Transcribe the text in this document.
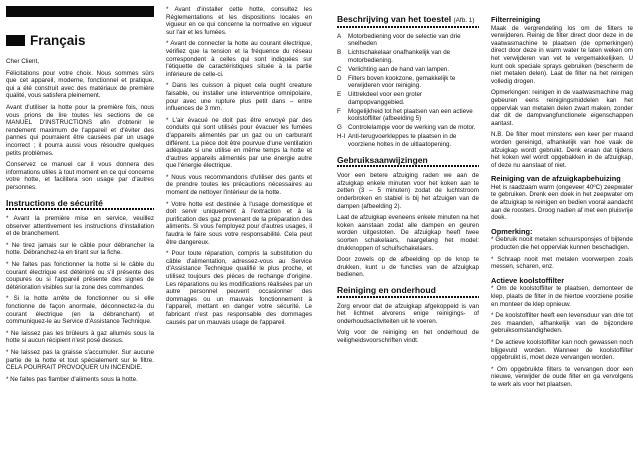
Français

Cher Client,

Félicitations pour votre choix. Nous sommes sûrs que cet appareil, moderne, fonctionnel et pratique, qui a été construit avec des matériaux de première qualité, vous satisfera pleinement.

Avant d'utiliser la hotte pour la première fois, nous vous prions de lire toutes les sections de ce MANUEL D'INSTRUCTIONS afin d'obtenir le rendement maximum de l'appareil et d'éviter des pannes qui pourraient être causées par un usage incorrect ; il pourra aussi vous résoudre quelques petits problèmes.

Conservez ce manuel car il vous donnera des informations utiles à tout moment en ce qui concerne votre hotte, et facilitera son usage par d'autres personnes.

Instructions de sécurité

* Avant la première mise en service, veuillez observer attentivement les instructions d'installation et de branchement.

* Ne tirez jamais sur le câble pour débrancher la hotte. Débranchez-la en tirant sur la fiche.

* Ne faites pas fonctionner la hotte si le câble du courant électrique est détérioré ou s'il présente des coupures ou si l'appareil présente des signes de détérioration visibles sur la zone des commandes.

* Si la hotte arrête de fonctionner ou si elle fonctionne de façon anormale, déconnectez-la du courant électrique (en la débranchant) et communiquez-le au Service d'Assistance Technique.

* Ne laissez pas les brûleurs à gaz allumés sous la hotte si aucun récipient n'est posé dessus.

* Ne laissez pas la graisse s'accumuler. Sur aucune partie de la hotte et tout spécialement sur le filtre. CELA POURRAIT PROVOQUER UN INCENDIE.

* Ne faites pas flamber d'aliments sous la hotte.

* Avant d'installer cette hotte, consultez les Réglementations et les dispositions locales en vigueur en ce qui concerne la normative en vigueur sur l'air et les fumées.

* Avant de connecter la hotte au courant électrique, vérifiez que la tension et la fréquence du réseau correspondent à celles qui sont indiquées sur l'étiquette de caractéristiques située à la partie inférieure de celle-ci.

* Dans les cuisson à piquet cela ought creature faisable, ou installer une interventrice omnipolaire, pour avec une rupture plus petit dans – entre influences de 3 mm.

* L'air évacué ne doit pas être envoyé par des conduits qui sont utilisés pour évacuer les fumées d'appareils alimentés par un gaz ou un carburant différent. La pièce doit être pourvue d'une ventilation adéquate si une utilise en même temps la hotte et d'autres appareils alimentés par une énergie autre que l'énergie électrique.

* Nous vous recommandons d'utiliser des gants et de prendre toutes les précautions nécessaires au moment de nettoyer l'intérieur de la hotte.

* Votre hotte est destinée à l'usage domestique et doit servir uniquement à l'extraction et à la purification des gaz provenant de la préparation des aliments. Si vous l'employez pour d'autres usages, il faudra le faire sous votre responsabilité. Cela peut être dangereux.

* Pour toute réparation, compris la substitution du câble d'alimentation, adressez-vous au Service d'Assistance Technique qualifié le plus proche, et utilisez toujours des pièces de rechange d'origine. Les réparations ou les modifications réalisées par un autre personnel peuvent occasionner des dommages ou un mauvais fonctionnement à l'appareil, mettant en danger votre sécurité. Le fabricant n'est pas responsable des dommages causés par un mauvais usage de l'appareil.

Beschrijving van het toestel (Afb. 1)
A	Motorbediening voor de selectie van drie snelheden
B	Lichtschakelaar onafhankelijk van de motorbediening.
C	Verlichting aan de hand van lampen.
D	Filters boven kookzone, gemakkelijk te verwijderen voor reiniging.
E	Uittrekdeel voor een groter dampopvanggebied.
F	Mogelijkheid tot het plaatsen van een actieve koolstoffilter (afbeelding 5)
G Controlelampje voor de werking van de motor.
H-I Anti-terugvoerkleppes te plaatsen in de voorziene holtes in de uitlaatopening.
Gebruiksaanwijzingen

Voor een betere afzuiging raden we aan de afzuigkap enkele minuten voor het koken aan te zetten (3 – 5 minuten) zodat de luchtstroom onderbroken en stabiel is bij het afzuigen van de dampen (afbeelding 2).

Laat de afzuigkap eveneens enkele minuten na het koken aanstaan zodat alle dampen en geuren worden uitgestoten. De afzuigkap heeft twee soorten schakelaars, naargelang het model: drukknoppen of schuifschakelaars.

Door zowels op de afbeelding op de knop te drukken, kunt u de functies van de afzuigkap bedienen.

Reiniging en onderhoud

Zorg ervoor dat de afzuigkap afgekoppeld is van het lichtnet alvorens enige reinigings- of onderhoudsactiviteiten uit te voeren.

Volg voor de reiniging en het onderhoud de veiligheidsvoorschriften vindt.

Filterreiniging

Maak de vergrendeling los om de filters te verwijderen. Reinig de filter direct door deze in de vaatwasmachine te plaatsen (de opmerkingen) direct door deze in warm water te laten weken om het verwijderen van vet te vergemakkelijken. U kunt ook speciale sprays gebruiken (bescherm de niet metalen delen). Laat de filter na het reinigen volledig drogen.

Opmerkingen: reinigen in de vaatwasmachine mag gebeuren eens reinigingsmiddelen kan het oppervlak van metalen delen zwart maken, zonder dat dit de dampvangfunctionele eigenschappen aantast.

N.B. De filter moet minstens een keer per maand worden gereinigd, afhankelijk van hoe vaak de afzuigkap wordt gebruikt. Denk eraan dat tijdens het koken wel wordt opgebakken in de afzuigkap, of deze nu aanstaat of niet.

Reiniging van de afzuigkapbehuizing

Het is raadzaam warm (ongeveer 40ºC) zeepwater te gebruiken. Drenk een doek in het zeepwater om de afzuigkap te reinigen en bedien vooral aandacht aan de roosters. Droog nadien af met een pluisvrije doek.

Opmerking:

* Gebruik nooit metalen schuursponsjes of bijtende producten die het oppervlak kunnen beschadigen.

* Schraap nooit met metalen voorwerpen zoals messen, scharen, enz.

Actieve koolstoffilter

* Om de koolstoffilter te plaatsen, demonteer de klep, plaats de filter in de hiertoe voorziene positie en monteer de klep opnieuw.

* De koolstoffilter heeft een levensduur van drie tot zes maanden, afhankelijk van de bijzondere gebruiksomstandigheden.

* De actieve koolstoffilter kan noch gewassen noch blijgevuld worden. Wanneer de koolstoffilter opgebruikt is, moet deze vervangen worden.

* Om opgebruikte filters te vervangen door een nieuwe, verwijder de oude filter en ga vervolgens te werk als voor het plaatsen.
